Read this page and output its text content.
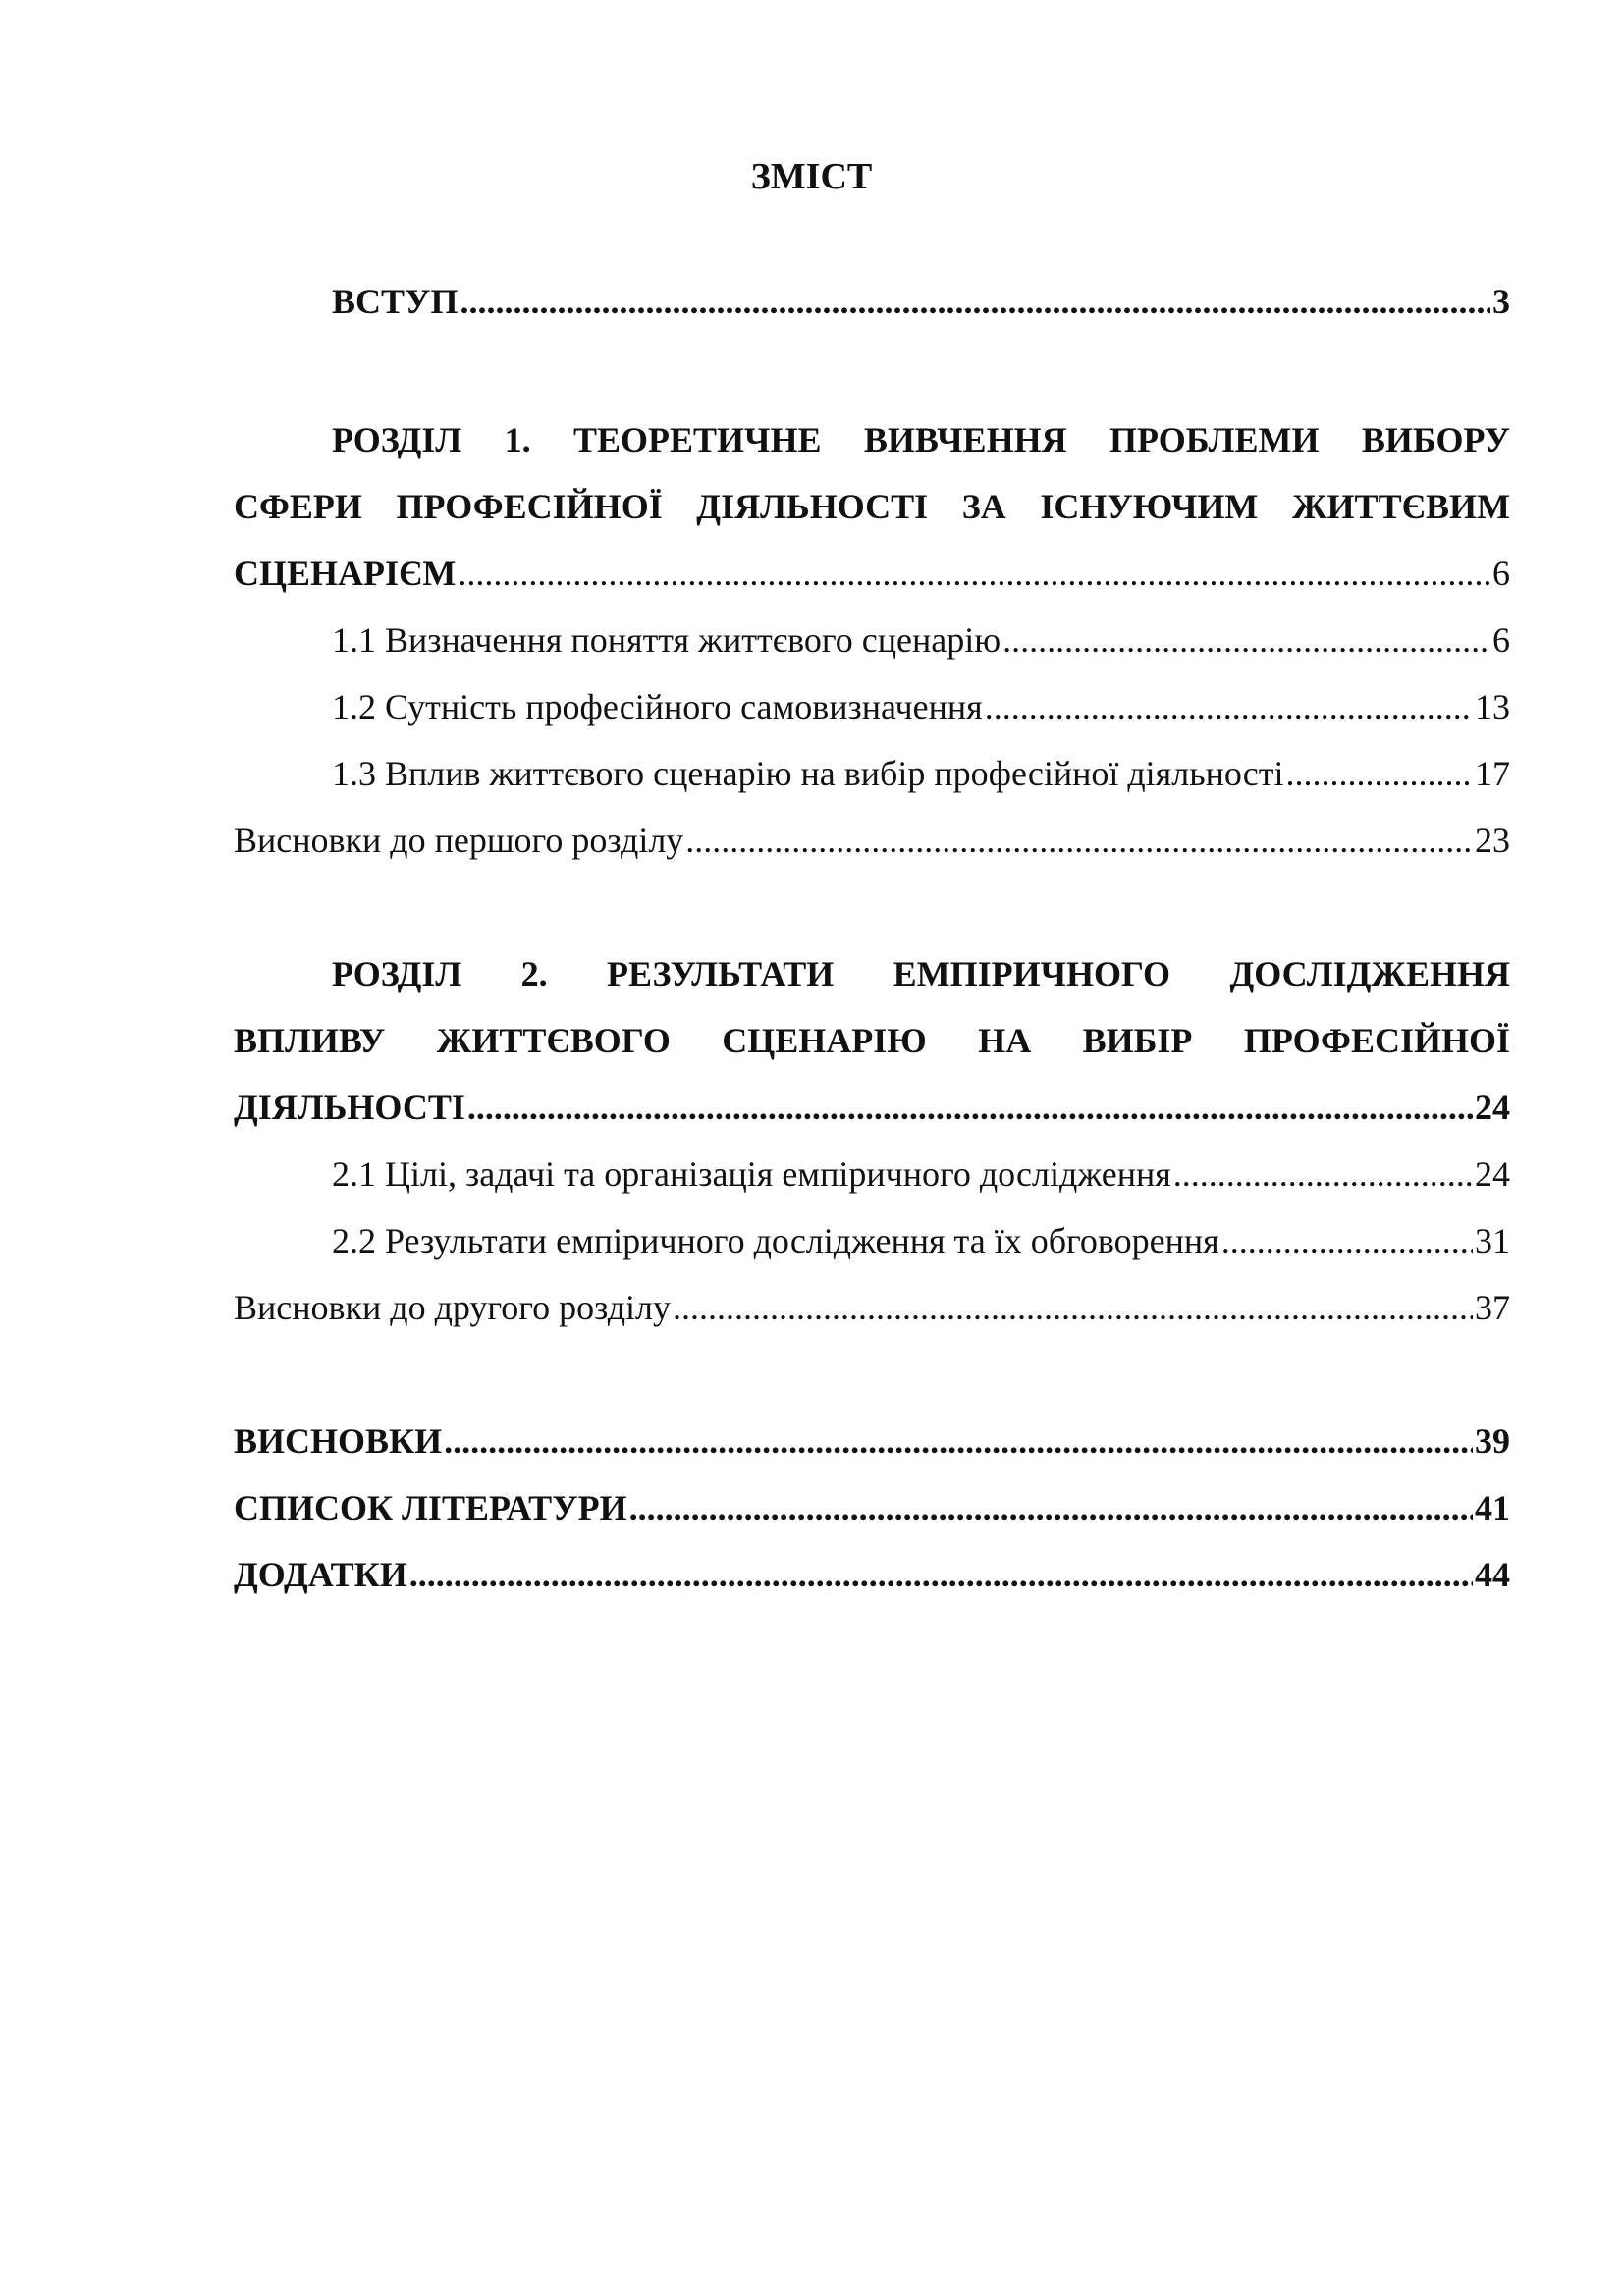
ЗМІСТ
ВСТУП .....	3
РОЗДІЛ 1. ТЕОРЕТИЧНЕ ВИВЧЕННЯ ПРОБЛЕМИ ВИБОРУ
СФЕРИ ПРОФЕСІЙНОЇ ДІЯЛЬНОСТІ ЗА ІСНУЮЧИМ ЖИТТЄВИМ
СЦЕНАРІЄМ .....	6
1.1 Визначення поняття життєвого сценарію .....	6
1.2 Сутність професійного самовизначення .....	13
1.3 Вплив життєвого сценарію на вибір професійної діяльності .....	17
Висновки до першого розділу .....	23
РОЗДІЛ 2. РЕЗУЛЬТАТИ ЕМПІРИЧНОГО ДОСЛІДЖЕННЯ
ВПЛИВУ ЖИТТЄВОГО СЦЕНАРІЮ НА ВИБІР ПРОФЕСІЙНОЇ
ДІЯЛЬНОСТІ .....	24
2.1 Цілі, задачі та організація емпіричного дослідження .....	24
2.2 Результати емпіричного дослідження та їх обговорення .....	31
Висновки до другого розділу .....	37
ВИСНОВКИ .....	39
СПИСОК ЛІТЕРАТУРИ .....	41
ДОДАТКИ .....	44
